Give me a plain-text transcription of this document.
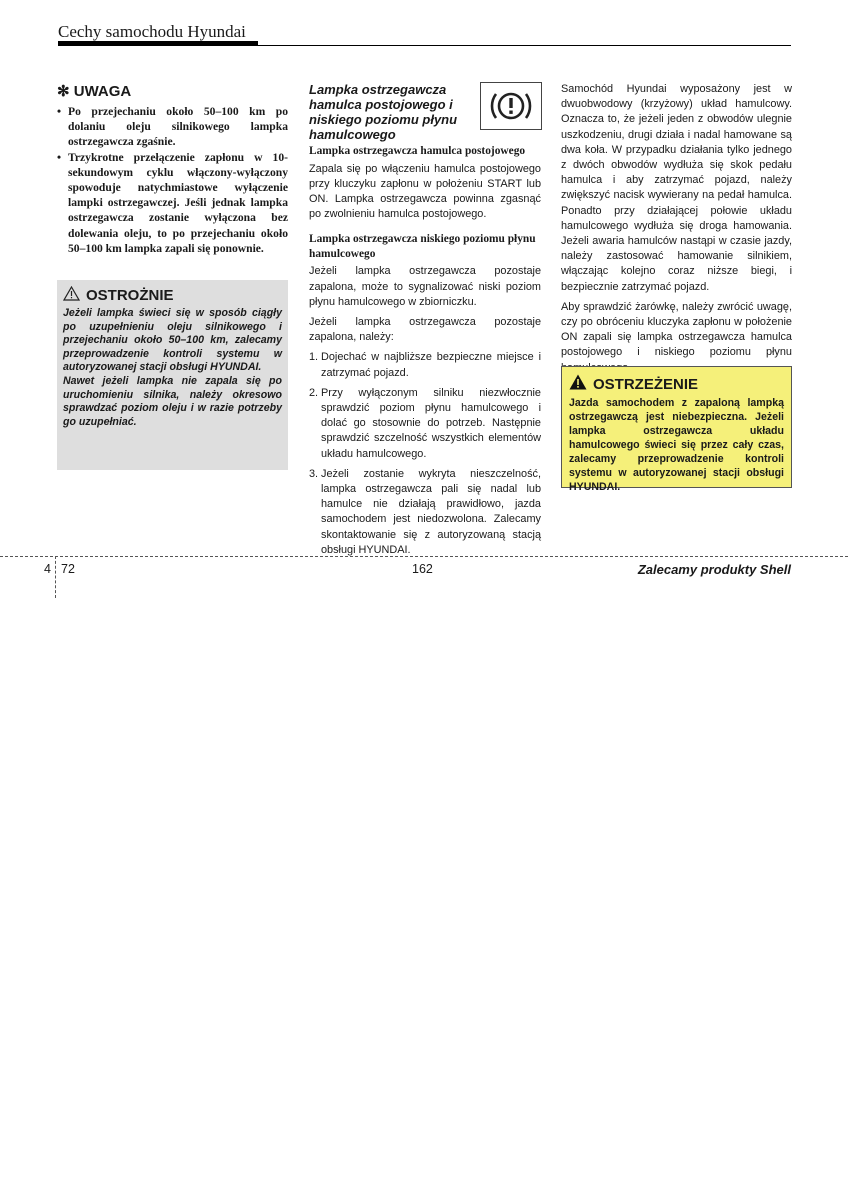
Cechy samochodu Hyundai
✻ UWAGA
• Po przejechaniu około 50–100 km po dolaniu oleju silnikowego lampka ostrzegawcza zgaśnie.
• Trzykrotne przełączenie zapłonu w 10-sekundowym cyklu włączony-wyłączony spowoduje natychmiastowe wyłączenie lampki ostrzegawczej. Jeśli jednak lampka ostrzegawcza zostanie wyłączona bez dolewania oleju, to po przejechaniu około 50–100 km lampka zapali się ponownie.
OSTROŻNIE

Jeżeli lampka świeci się w sposób ciągły po uzupełnieniu oleju silnikowego i przejechaniu około 50–100 km, zalecamy przeprowadzenie kontroli systemu w autoryzowanej stacji obsługi HYUNDAI.

Nawet jeżeli lampka nie zapala się po uruchomieniu silnika, należy okresowo sprawdzać poziom oleju i w razie potrzeby go uzupełniać.

Lampka ostrzegawcza hamulca postojowego i niskiego poziomu płynu hamulcowego
Lampka ostrzegawcza hamulca postojowego

Zapala się po włączeniu hamulca postojowego przy kluczyku zapłonu w położeniu START lub ON. Lampka ostrzegawcza powinna zgasnąć po zwolnieniu hamulca postojowego.

Lampka ostrzegawcza niskiego poziomu płynu hamulcowego

Jeżeli lampka ostrzegawcza pozostaje zapalona, może to sygnalizować niski poziom płynu hamulcowego w zbiorniczku.

Jeżeli lampka ostrzegawcza pozostaje zapalona, należy:

1. Dojechać w najbliższe bezpieczne miejsce i zatrzymać pojazd.
2. Przy wyłączonym silniku niezwłocznie sprawdzić poziom płynu hamulcowego i dolać go stosownie do potrzeb. Następnie sprawdzić szczelność wszystkich elementów układu hamulcowego.
3. Jeżeli zostanie wykryta nieszczelność, lampka ostrzegawcza pali się nadal lub hamulce nie działają prawidłowo, jazda samochodem jest niedozwolona. Zalecamy skontaktowanie się z autoryzowaną stacją obsługi HYUNDAI.

Samochód Hyundai wyposażony jest w dwuobwodowy (krzyżowy) układ hamulcowy. Oznacza to, że jeżeli jeden z obwodów ulegnie uszkodzeniu, drugi działa i nadal hamowane są dwa koła. W przypadku działania tylko jednego z dwóch obwodów wydłuża się skok pedału hamulca i aby zatrzymać pojazd, należy zwiększyć nacisk wywierany na pedał hamulca. Ponadto przy działającej połowie układu hamulcowego wydłuża się droga hamowania. Jeżeli awaria hamulców nastąpi w czasie jazdy, należy zastosować hamowanie silnikiem, włączając kolejno coraz niższe biegi, i bezpiecznie zatrzymać pojazd.

Aby sprawdzić żarówkę, należy zwrócić uwagę, czy po obróceniu kluczyka zapłonu w położenie ON zapali się lampka ostrzegawcza hamulca postojowego i niskiego poziomu płynu

OSTRZEŻENIE
Jazda samochodem z zapaloną lampką ostrzegawczą jest niebezpieczna. Jeżeli lampka ostrzegawcza układu hamulcowego świeci się przez cały czas, zalecamy przeprowadzenie kontroli systemu w autoryzowanej stacji obsługi HYUNDAI.
4 72	162	Zalecamy produkty Shell
